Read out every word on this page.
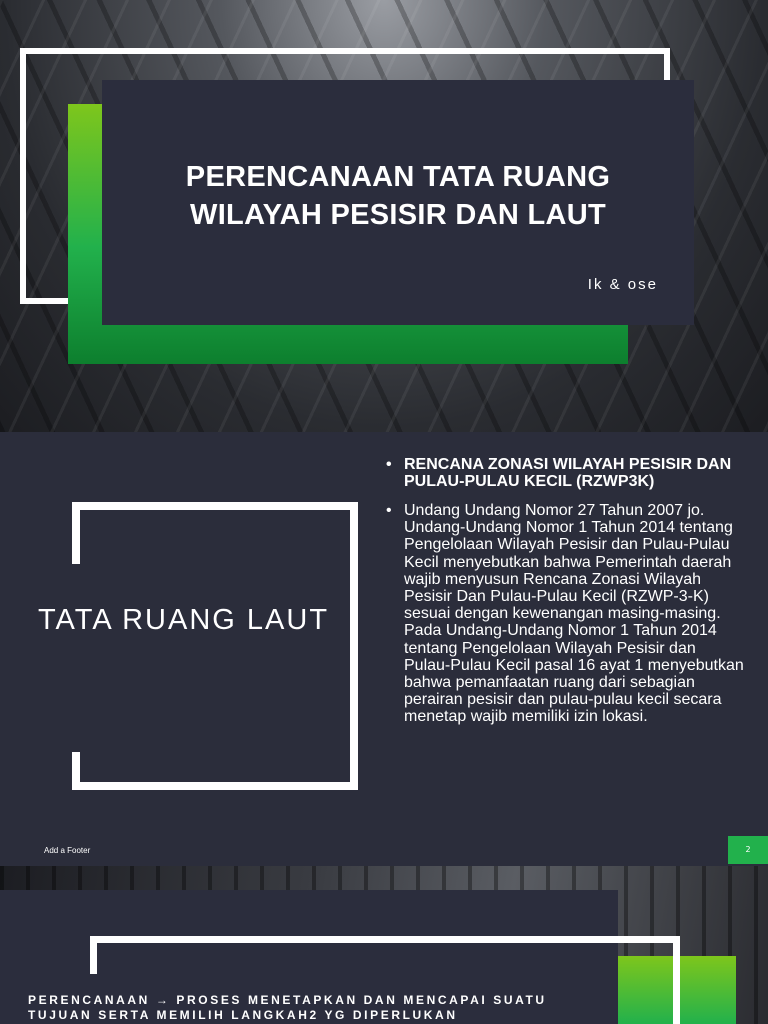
PERENCANAAN TATA RUANG
WILAYAH PESISIR DAN LAUT
Ik & ose
TATA RUANG LAUT
• RENCANA ZONASI WILAYAH PESISIR DAN PULAU-PULAU KECIL (RZWP3K)
• Undang Undang Nomor 27 Tahun 2007 jo. Undang-Undang Nomor 1 Tahun 2014 tentang Pengelolaan Wilayah Pesisir dan Pulau-Pulau Kecil menyebutkan bahwa Pemerintah daerah wajib menyusun Rencana Zonasi Wilayah Pesisir Dan Pulau-Pulau Kecil (RZWP-3-K) sesuai dengan kewenangan masing-masing. Pada Undang-Undang Nomor 1 Tahun 2014 tentang Pengelolaan Wilayah Pesisir dan Pulau-Pulau Kecil pasal 16 ayat 1 menyebutkan bahwa pemanfaatan ruang dari sebagian perairan pesisir dan pulau-pulau kecil secara menetap wajib memiliki izin lokasi.
Add a Footer	2
PERENCANAAN → PROSES MENETAPKAN DAN MENCAPAI SUATU TUJUAN SERTA MEMILIH LANGKAH2 YG DIPERLUKAN
